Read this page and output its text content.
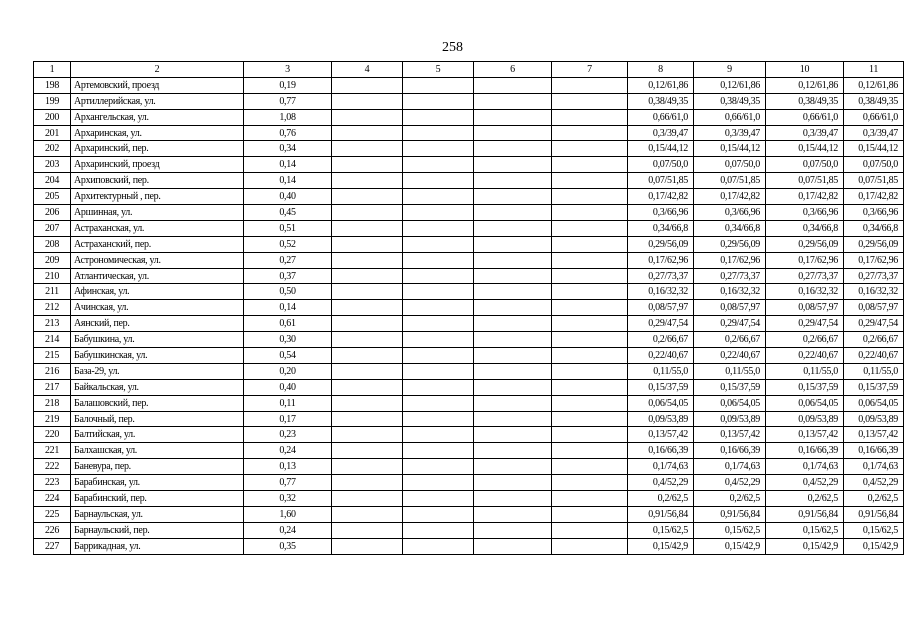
258
1	2	3	4	5	6	7	8	9	10	11
198	Артемовский, проезд	0,19					0,12/61,86	0,12/61,86	0,12/61,86	0,12/61,86
199	Артиллерийская, ул.	0,77					0,38/49,35	0,38/49,35	0,38/49,35	0,38/49,35
200	Архангельская, ул.	1,08					0,66/61,0	0,66/61,0	0,66/61,0	0,66/61,0
201	Архаринская, ул.	0,76					0,3/39,47	0,3/39,47	0,3/39,47	0,3/39,47
202	Архаринский, пер.	0,34					0,15/44,12	0,15/44,12	0,15/44,12	0,15/44,12
203	Архаринский, проезд	0,14					0,07/50,0	0,07/50,0	0,07/50,0	0,07/50,0
204	Архиповский, пер.	0,14					0,07/51,85	0,07/51,85	0,07/51,85	0,07/51,85
205	Архитектурный , пер.	0,40					0,17/42,82	0,17/42,82	0,17/42,82	0,17/42,82
206	Аршинная, ул.	0,45					0,3/66,96	0,3/66,96	0,3/66,96	0,3/66,96
207	Астраханская, ул.	0,51					0,34/66,8	0,34/66,8	0,34/66,8	0,34/66,8
208	Астраханский, пер.	0,52					0,29/56,09	0,29/56,09	0,29/56,09	0,29/56,09
209	Астрономическая, ул.	0,27					0,17/62,96	0,17/62,96	0,17/62,96	0,17/62,96
210	Атлантическая, ул.	0,37					0,27/73,37	0,27/73,37	0,27/73,37	0,27/73,37
211	Афинская, ул.	0,50					0,16/32,32	0,16/32,32	0,16/32,32	0,16/32,32
212	Ачинская, ул.	0,14					0,08/57,97	0,08/57,97	0,08/57,97	0,08/57,97
213	Аянский, пер.	0,61					0,29/47,54	0,29/47,54	0,29/47,54	0,29/47,54
214	Бабушкина, ул.	0,30					0,2/66,67	0,2/66,67	0,2/66,67	0,2/66,67
215	Бабушкинская, ул.	0,54					0,22/40,67	0,22/40,67	0,22/40,67	0,22/40,67
216	База-29, ул.	0,20					0,11/55,0	0,11/55,0	0,11/55,0	0,11/55,0
217	Байкальская, ул.	0,40					0,15/37,59	0,15/37,59	0,15/37,59	0,15/37,59
218	Балашовский, пер.	0,11					0,06/54,05	0,06/54,05	0,06/54,05	0,06/54,05
219	Балочный, пер.	0,17					0,09/53,89	0,09/53,89	0,09/53,89	0,09/53,89
220	Балтийская, ул.	0,23					0,13/57,42	0,13/57,42	0,13/57,42	0,13/57,42
221	Балхашская, ул.	0,24					0,16/66,39	0,16/66,39	0,16/66,39	0,16/66,39
222	Баневура, пер.	0,13					0,1/74,63	0,1/74,63	0,1/74,63	0,1/74,63
223	Барабинская, ул.	0,77					0,4/52,29	0,4/52,29	0,4/52,29	0,4/52,29
224	Барабинский, пер.	0,32					0,2/62,5	0,2/62,5	0,2/62,5	0,2/62,5
225	Барнаульская, ул.	1,60					0,91/56,84	0,91/56,84	0,91/56,84	0,91/56,84
226	Барнаульский, пер.	0,24					0,15/62,5	0,15/62,5	0,15/62,5	0,15/62,5
227	Баррикадная, ул.	0,35					0,15/42,9	0,15/42,9	0,15/42,9	0,15/42,9
